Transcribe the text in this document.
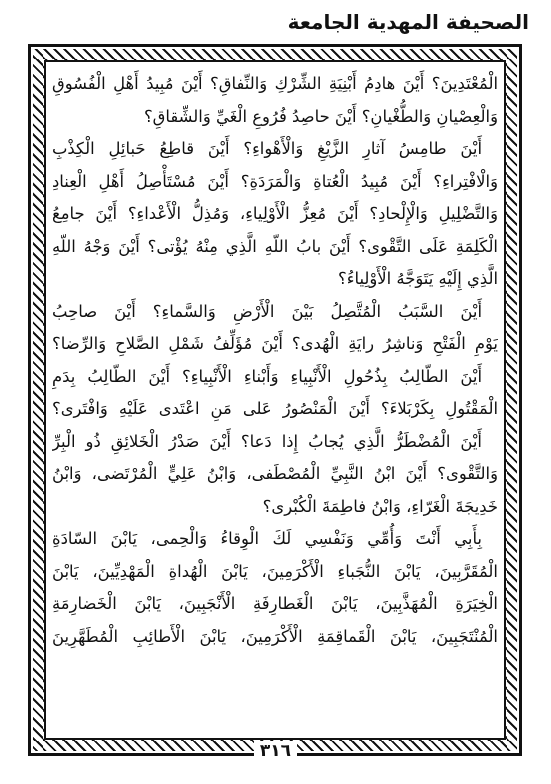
الصحيفة المهدية الجامعة
الْمُعْتَدِينَ؟ أَيْنَ هادِمُ أَبْنِيَةِ الشِّرْكِ وَالنِّفاقِ؟ أَيْنَ مُبِيدُ أَهْلِ الْفُسُوقِ
وَالْعِصْيانِ وَالطُّغْيانِ؟ أَيْنَ حاصِدُ فُرُوعِ الْغَيِّ وَالشِّقاقِ؟
أَيْنَ طامِسُ آثارِ الزَّيْغِ وَالْأَهْواءِ؟ أَيْنَ قاطِعُ حَبائِلِ الْكِذْبِ
وَالْافْتِراءِ؟ أَيْنَ مُبِيدُ الْعُتاةِ وَالْمَرَدَةِ؟ أَيْنَ مُسْتَأْصِلُ أَهْلِ الْعِنادِ
وَالتَّضْلِيلِ وَالْإِلْحادِ؟ أَيْنَ مُعِزُّ الْأَوْلِياءِ، وَمُذِلُّ الْأَعْداءِ؟ أَيْنَ جامِعُ
الْكَلِمَةِ عَلَى التَّقْوى؟ أَيْنَ بابُ اللّهِ الَّذِي مِنْهُ يُؤْتى؟ أَيْنَ وَجْهُ اللّهِ
الَّذِي إِلَيْهِ يَتَوَجَّهُ الْأَوْلِياءُ؟
أَيْنَ السَّبَبُ الْمُتَّصِلُ بَيْنَ الْأَرْضِ وَالسَّماءِ؟ أَيْنَ صاحِبُ
يَوْمِ الْفَتْحِ وَناشِرُ رايَةِ الْهُدى؟ أَيْنَ مُؤَلِّفُ شَمْلِ الصَّلاحِ وَالرِّضا؟
أَيْنَ الطّالِبُ بِذُحُولِ الْأَنْبِياءِ وَأَبْناءِ الْأَنْبِياءِ؟ أَيْنَ الطّالِبُ بِدَمِ
الْمَقْتُولِ بِكَرْبَلاءَ؟ أَيْنَ الْمَنْصُورُ عَلى مَنِ اعْتَدى عَلَيْهِ وَافْتَرى؟
أَيْنَ الْمُضْطَرُّ الَّذِي يُجابُ إِذا دَعا؟ أَيْنَ صَدْرُ الْخَلائِقِ ذُو الْبِرِّ
وَالتَّقْوى؟ أَيْنَ ابْنُ النَّبِيِّ الْمُصْطَفى، وَابْنُ عَلِيٍّ الْمُرْتَضى، وَابْنُ
خَدِيجَةَ الْغَرّاءِ، وَابْنُ فاطِمَةَ الْكُبْرى؟
بِأَبِي أَنْتَ وَأُمِّي وَنَفْسِي لَكَ الْوِقاءُ وَالْحِمى، يَابْنَ السّادَةِ
الْمُقَرَّبِينَ، يَابْنَ النُّجَباءِ الْأَكْرَمِينَ، يَابْنَ الْهُداةِ الْمَهْدِيِّينَ، يَابْنَ
الْخِيَرَةِ الْمُهَذَّبِينَ، يَابْنَ الْغَطارِفَةِ الْأَنْجَبِينَ، يَابْنَ الْخَضارِمَةِ
الْمُنْتَجَبِينَ، يَابْنَ الْقَماقِمَةِ الْأَكْرَمِينَ، يَابْنَ الْأَطائِبِ الْمُطَهَّرِينَ
٣١٦
